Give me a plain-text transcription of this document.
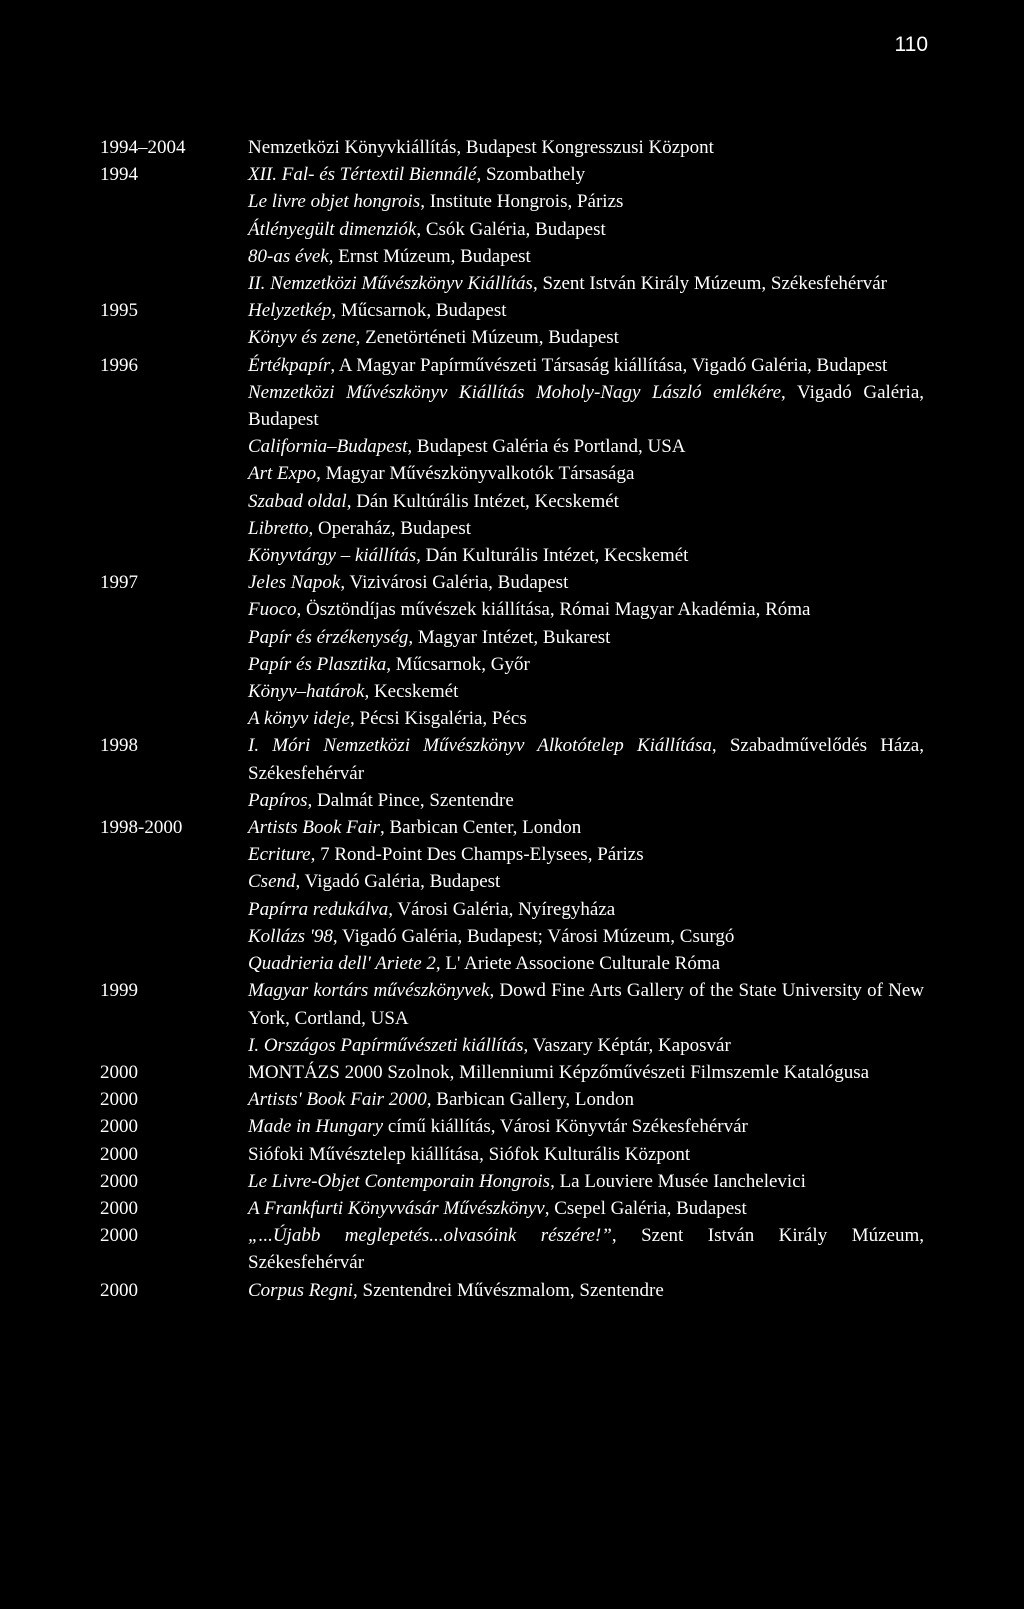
110
1994–2004	Nemzetközi Könyvkiállítás, Budapest Kongresszusi Központ
1994	XII. Fal- és Tértextil Biennálé, Szombathely
Le livre objet hongrois, Institute Hongrois, Párizs
Átlényegült dimenziók, Csók Galéria, Budapest
80-as évek, Ernst Múzeum, Budapest
II. Nemzetközi Művészkönyv Kiállítás, Szent István Király Múzeum, Székesfehérvár
1995	Helyzetkép, Műcsarnok, Budapest
Könyv és zene, Zenetörténeti Múzeum, Budapest
1996	Értékpapír, A Magyar Papírművészeti Társaság kiállítása, Vigadó Galéria, Budapest
Nemzetközi Művészkönyv Kiállítás Moholy-Nagy László emlékére, Vigadó Galéria, Budapest
California–Budapest, Budapest Galéria és Portland, USA
Art Expo, Magyar Művészkönyvalkotók Társasága
Szabad oldal, Dán Kultúrális Intézet, Kecskemét
Libretto, Operaház, Budapest
Könyvtárgy – kiállítás, Dán Kulturális Intézet, Kecskemét
1997	Jeles Napok, Vizivárosi Galéria, Budapest
Fuoco, Ösztöndíjas művészek kiállítása, Római Magyar Akadémia, Róma
Papír és érzékenység, Magyar Intézet, Bukarest
Papír és Plasztika, Műcsarnok, Győr
Könyv–határok, Kecskemét
A könyv ideje, Pécsi Kisgaléria, Pécs
1998	I. Móri Nemzetközi Művészkönyv Alkotótelep Kiállítása, Szabadművelődés Háza, Székesfehérvár
Papíros, Dalmát Pince, Szentendre
1998-2000	Artists Book Fair, Barbican Center, London
Ecriture, 7 Rond-Point Des Champs-Elysees, Párizs
Csend, Vigadó Galéria, Budapest
Papírra redukálva, Városi Galéria, Nyíregyháza
Kollázs '98, Vigadó Galéria, Budapest; Városi Múzeum, Csurgó
Quadrieria dell' Ariete 2, L' Ariete Associone Culturale Róma
1999	Magyar kortárs művészkönyvek, Dowd Fine Arts Gallery of the State University of New York, Cortland, USA
I. Országos Papírművészeti kiállítás, Vaszary Képtár, Kaposvár
2000	MONTÁZS 2000 Szolnok, Millenniumi Képzőművészeti Filmszemle Katalógusa
2000	Artists' Book Fair 2000, Barbican Gallery, London
2000	Made in Hungary című kiállítás, Városi Könyvtár Székesfehérvár
2000	Siófoki Művésztelep kiállítása, Siófok Kulturális Központ
2000	Le Livre-Objet Contemporain Hongrois, La Louviere Musée Ianchelevici
2000	A Frankfurti Könyvvásár Művészkönyv, Csepel Galéria, Budapest
2000	„...Újabb meglepetés...olvasóink részére!”, Szent István Király Múzeum, Székesfehérvár
2000	Corpus Regni, Szentendrei Művészmalom, Szentendre
